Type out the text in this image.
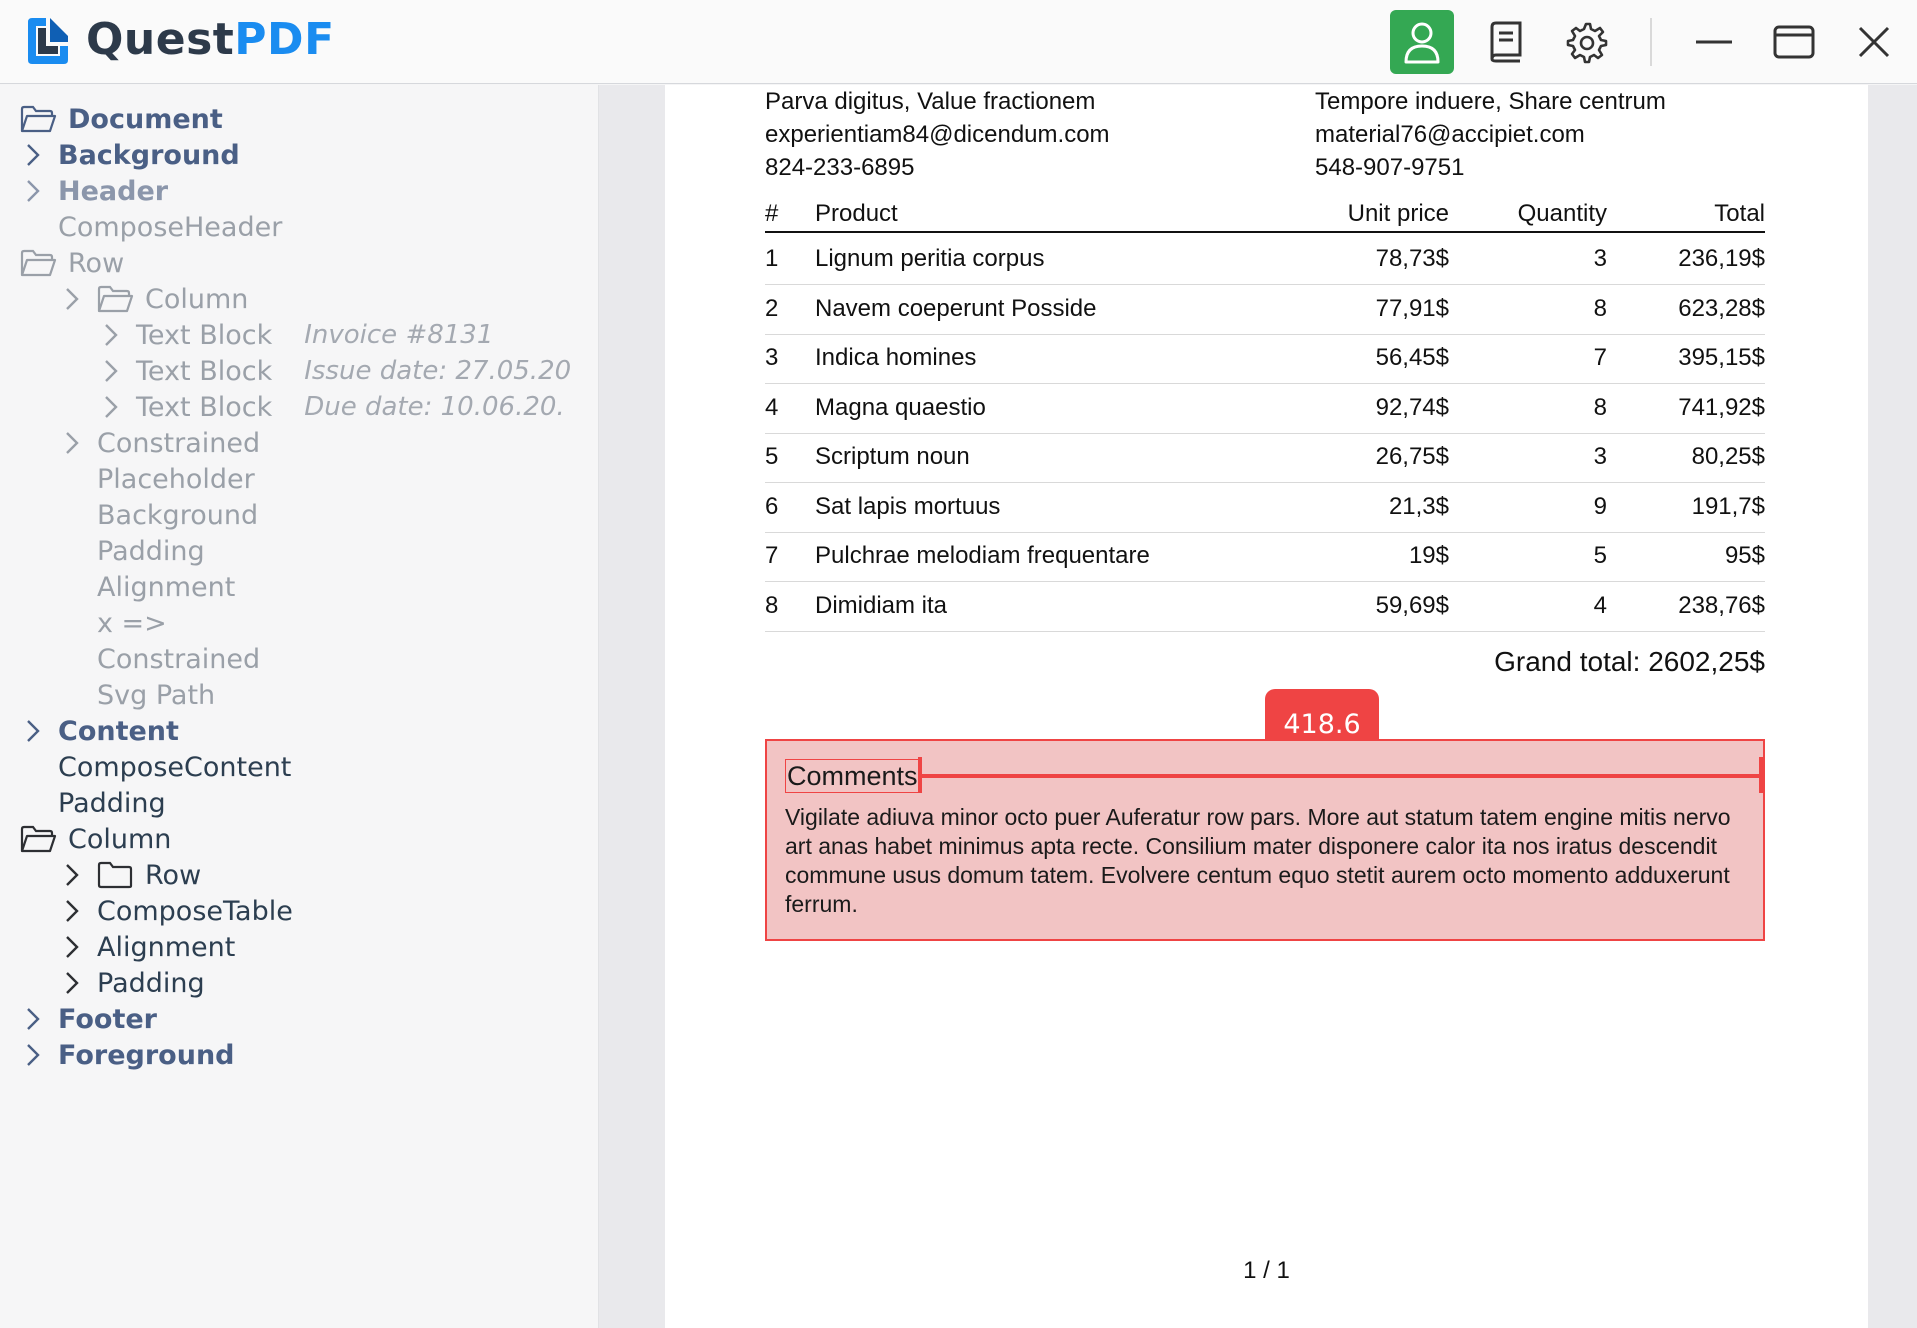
QuestPDF
Document
Background
Header
ComposeHeader
Row
Column
Text Block Invoice #8131
Text Block Issue date: 27.05.20
Text Block Due date: 10.06.20.
Constrained
Placeholder
Background
Padding
Alignment
x =>
Constrained
Svg Path
Content
ComposeContent
Padding
Column
Row
ComposeTable
Alignment
Padding
Footer
Foreground
Parva digitus, Value fractionem
experientiam84@dicendum.com
824-233-6895
Tempore induere, Share centrum
material76@accipiet.com
548-907-9751
# Product	Unit price	Quantity	Total
1 Lignum peritia corpus	78,73$	3	236,19$
2 Navem coeperunt Posside	77,91$	8	623,28$
3 Indica homines	56,45$	7	395,15$
4 Magna quaestio	92,74$	8	741,92$
5 Scriptum noun	26,75$	3	80,25$
6 Sat lapis mortuus	21,3$	9	191,7$
7 Pulchrae melodiam frequentare	19$	5	95$
8 Dimidiam ita	59,69$	4	238,76$
Grand total: 2602,25$
418.6
Comments
Vigilate adiuva minor octo puer Auferatur row pars. More aut statum tatem engine mitis nervo art anas habet minimus apta recte. Consilium mater disponere calor ita nos iratus descendit commune usus domum tatem. Evolvere centum equo stetit aurem octo momento adduxerunt ferrum.
1 / 1
